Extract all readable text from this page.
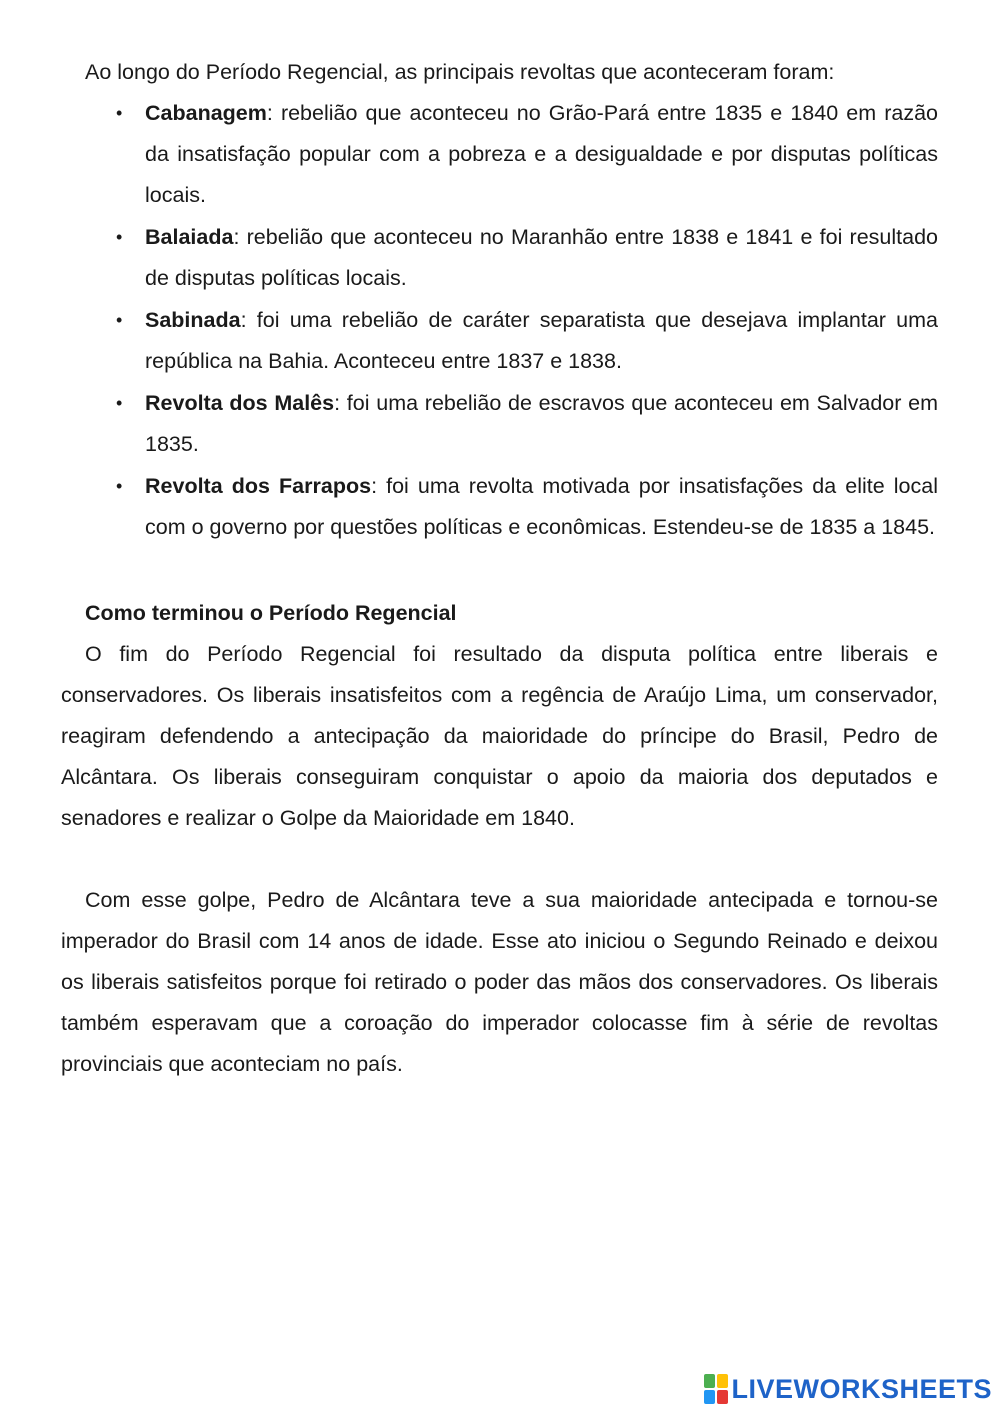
Ao longo do Período Regencial, as principais revoltas que aconteceram foram:

• Cabanagem: rebelião que aconteceu no Grão-Pará entre 1835 e 1840 em razão da insatisfação popular com a pobreza e a desigualdade e por disputas políticas locais.
• Balaiada: rebelião que aconteceu no Maranhão entre 1838 e 1841 e foi resultado de disputas políticas locais.
• Sabinada: foi uma rebelião de caráter separatista que desejava implantar uma república na Bahia. Aconteceu entre 1837 e 1838.
• Revolta dos Malês: foi uma rebelião de escravos que aconteceu em Salvador em 1835.
• Revolta dos Farrapos: foi uma revolta motivada por insatisfações da elite local com o governo por questões políticas e econômicas. Estendeu-se de 1835 a 1845.
Como terminou o Período Regencial

O fim do Período Regencial foi resultado da disputa política entre liberais e conservadores. Os liberais insatisfeitos com a regência de Araújo Lima, um conservador, reagiram defendendo a antecipação da maioridade do príncipe do Brasil, Pedro de Alcântara. Os liberais conseguiram conquistar o apoio da maioria dos deputados e senadores e realizar o Golpe da Maioridade em 1840.

Com esse golpe, Pedro de Alcântara teve a sua maioridade antecipada e tornou-se imperador do Brasil com 14 anos de idade. Esse ato iniciou o Segundo Reinado e deixou os liberais satisfeitos porque foi retirado o poder das mãos dos conservadores. Os liberais também esperavam que a coroação do imperador colocasse fim à série de revoltas provinciais que aconteciam no país.

LIVEWORKSHEETS
